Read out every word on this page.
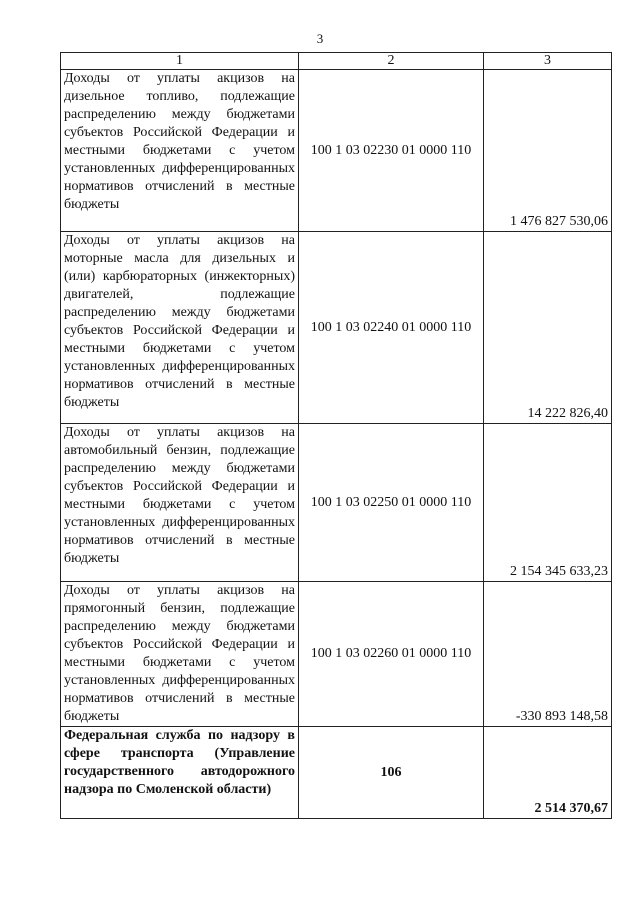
3
1	2	3
Доходы от уплаты акцизов на дизельное топливо, подлежащие распределению между бюджетами субъектов Российской Федерации и местными бюджетами с учетом установленных дифференцированных нормативов отчислений в местные бюджеты	100 1 03 02230 01 0000 110	1 476 827 530,06
Доходы от уплаты акцизов на моторные масла для дизельных и (или) карбюраторных (инжекторных) двигателей, подлежащие распределению между бюджетами субъектов Российской Федерации и местными бюджетами с учетом установленных дифференцированных нормативов отчислений в местные бюджеты	100 1 03 02240 01 0000 110	14 222 826,40
Доходы от уплаты акцизов на автомобильный бензин, подлежащие распределению между бюджетами субъектов Российской Федерации и местными бюджетами с учетом установленных дифференцированных нормативов отчислений в местные бюджеты	100 1 03 02250 01 0000 110	2 154 345 633,23
Доходы от уплаты акцизов на прямогонный бензин, подлежащие распределению между бюджетами субъектов Российской Федерации и местными бюджетами с учетом установленных дифференцированных нормативов отчислений в местные бюджеты	100 1 03 02260 01 0000 110	-330 893 148,58
Федеральная служба по надзору в сфере транспорта (Управление государственного автодорожного надзора по Смоленской области)	106	2 514 370,67
